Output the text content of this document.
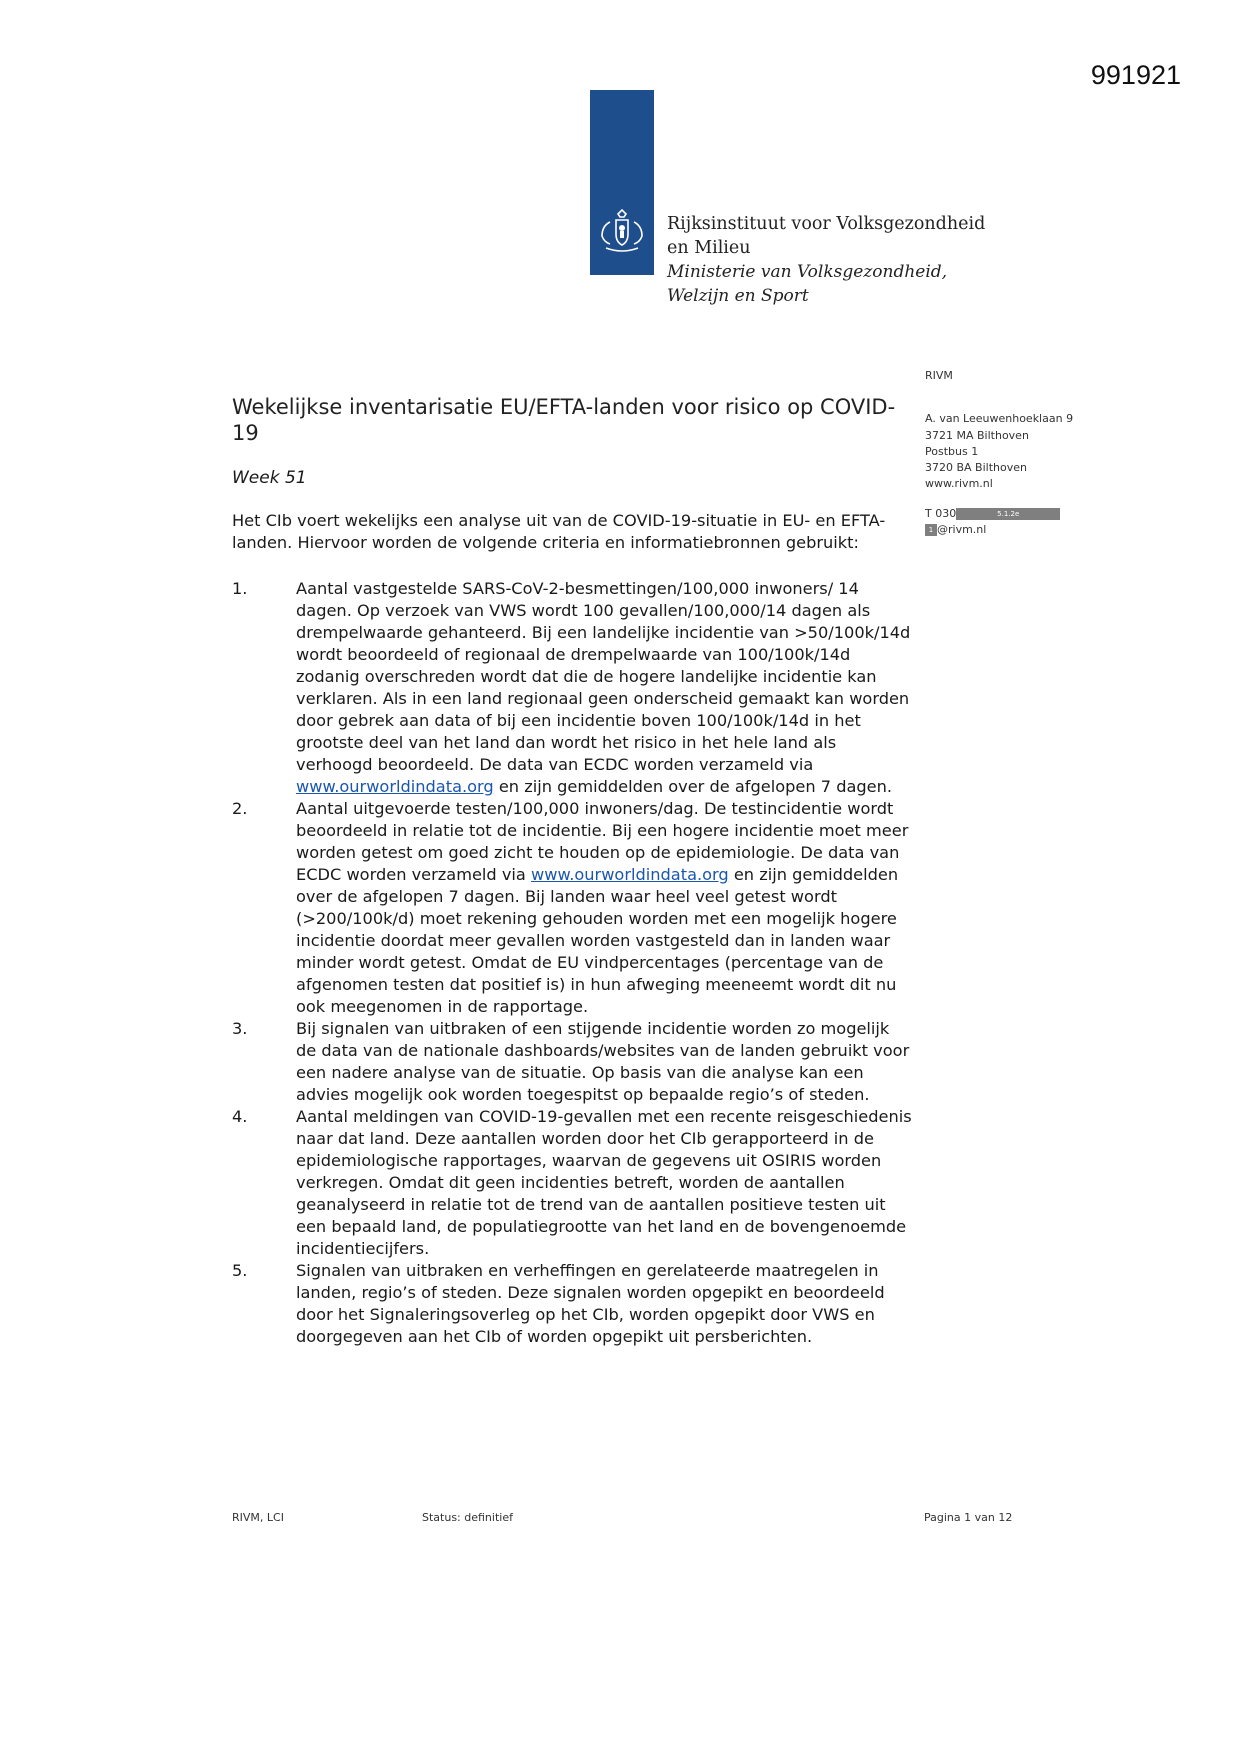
991921
Rijksinstituut voor Volksgezondheid
en Milieu
Ministerie van Volksgezondheid,
Welzijn en Sport
RIVM
A. van Leeuwenhoeklaan 9
3721 MA Bilthoven
Postbus 1
3720 BA Bilthoven
www.rivm.nl
T 030	5.1.2e
1 @rivm.nl
Wekelijkse inventarisatie EU/EFTA-landen voor risico op COVID-19
Week 51
Het CIb voert wekelijks een analyse uit van de COVID-19-situatie in EU- en EFTA-landen. Hiervoor worden de volgende criteria en informatiebronnen gebruikt:
1.	Aantal vastgestelde SARS-CoV-2-besmettingen/100,000 inwoners/ 14 dagen. Op verzoek van VWS wordt 100 gevallen/100,000/14 dagen als drempelwaarde gehanteerd. Bij een landelijke incidentie van >50/100k/14d wordt beoordeeld of regionaal de drempelwaarde van 100/100k/14d zodanig overschreden wordt dat die de hogere landelijke incidentie kan verklaren. Als in een land regionaal geen onderscheid gemaakt kan worden door gebrek aan data of bij een incidentie boven 100/100k/14d in het grootste deel van het land dan wordt het risico in het hele land als verhoogd beoordeeld. De data van ECDC worden verzameld via www.ourworldindata.org en zijn gemiddelden over de afgelopen 7 dagen.
2.	Aantal uitgevoerde testen/100,000 inwoners/dag. De testincidentie wordt beoordeeld in relatie tot de incidentie. Bij een hogere incidentie moet meer worden getest om goed zicht te houden op de epidemiologie. De data van ECDC worden verzameld via www.ourworldindata.org en zijn gemiddelden over de afgelopen 7 dagen. Bij landen waar heel veel getest wordt (>200/100k/d) moet rekening gehouden worden met een mogelijk hogere incidentie doordat meer gevallen worden vastgesteld dan in landen waar minder wordt getest. Omdat de EU vindpercentages (percentage van de afgenomen testen dat positief is) in hun afweging meeneemt wordt dit nu ook meegenomen in de rapportage.
3.	Bij signalen van uitbraken of een stijgende incidentie worden zo mogelijk de data van de nationale dashboards/websites van de landen gebruikt voor een nadere analyse van de situatie. Op basis van die analyse kan een advies mogelijk ook worden toegespitst op bepaalde regio’s of steden.
4.	Aantal meldingen van COVID-19-gevallen met een recente reisgeschiedenis naar dat land. Deze aantallen worden door het CIb gerapporteerd in de epidemiologische rapportages, waarvan de gegevens uit OSIRIS worden verkregen. Omdat dit geen incidenties betreft, worden de aantallen geanalyseerd in relatie tot de trend van de aantallen positieve testen uit een bepaald land, de populatiegrootte van het land en de bovengenoemde incidentiecijfers.
5.	Signalen van uitbraken en verheffingen en gerelateerde maatregelen in landen, regio’s of steden. Deze signalen worden opgepikt en beoordeeld door het Signaleringsoverleg op het CIb, worden opgepikt door VWS en doorgegeven aan het CIb of worden opgepikt uit persberichten.
RIVM, LCI	Status: definitief	Pagina 1 van 12
